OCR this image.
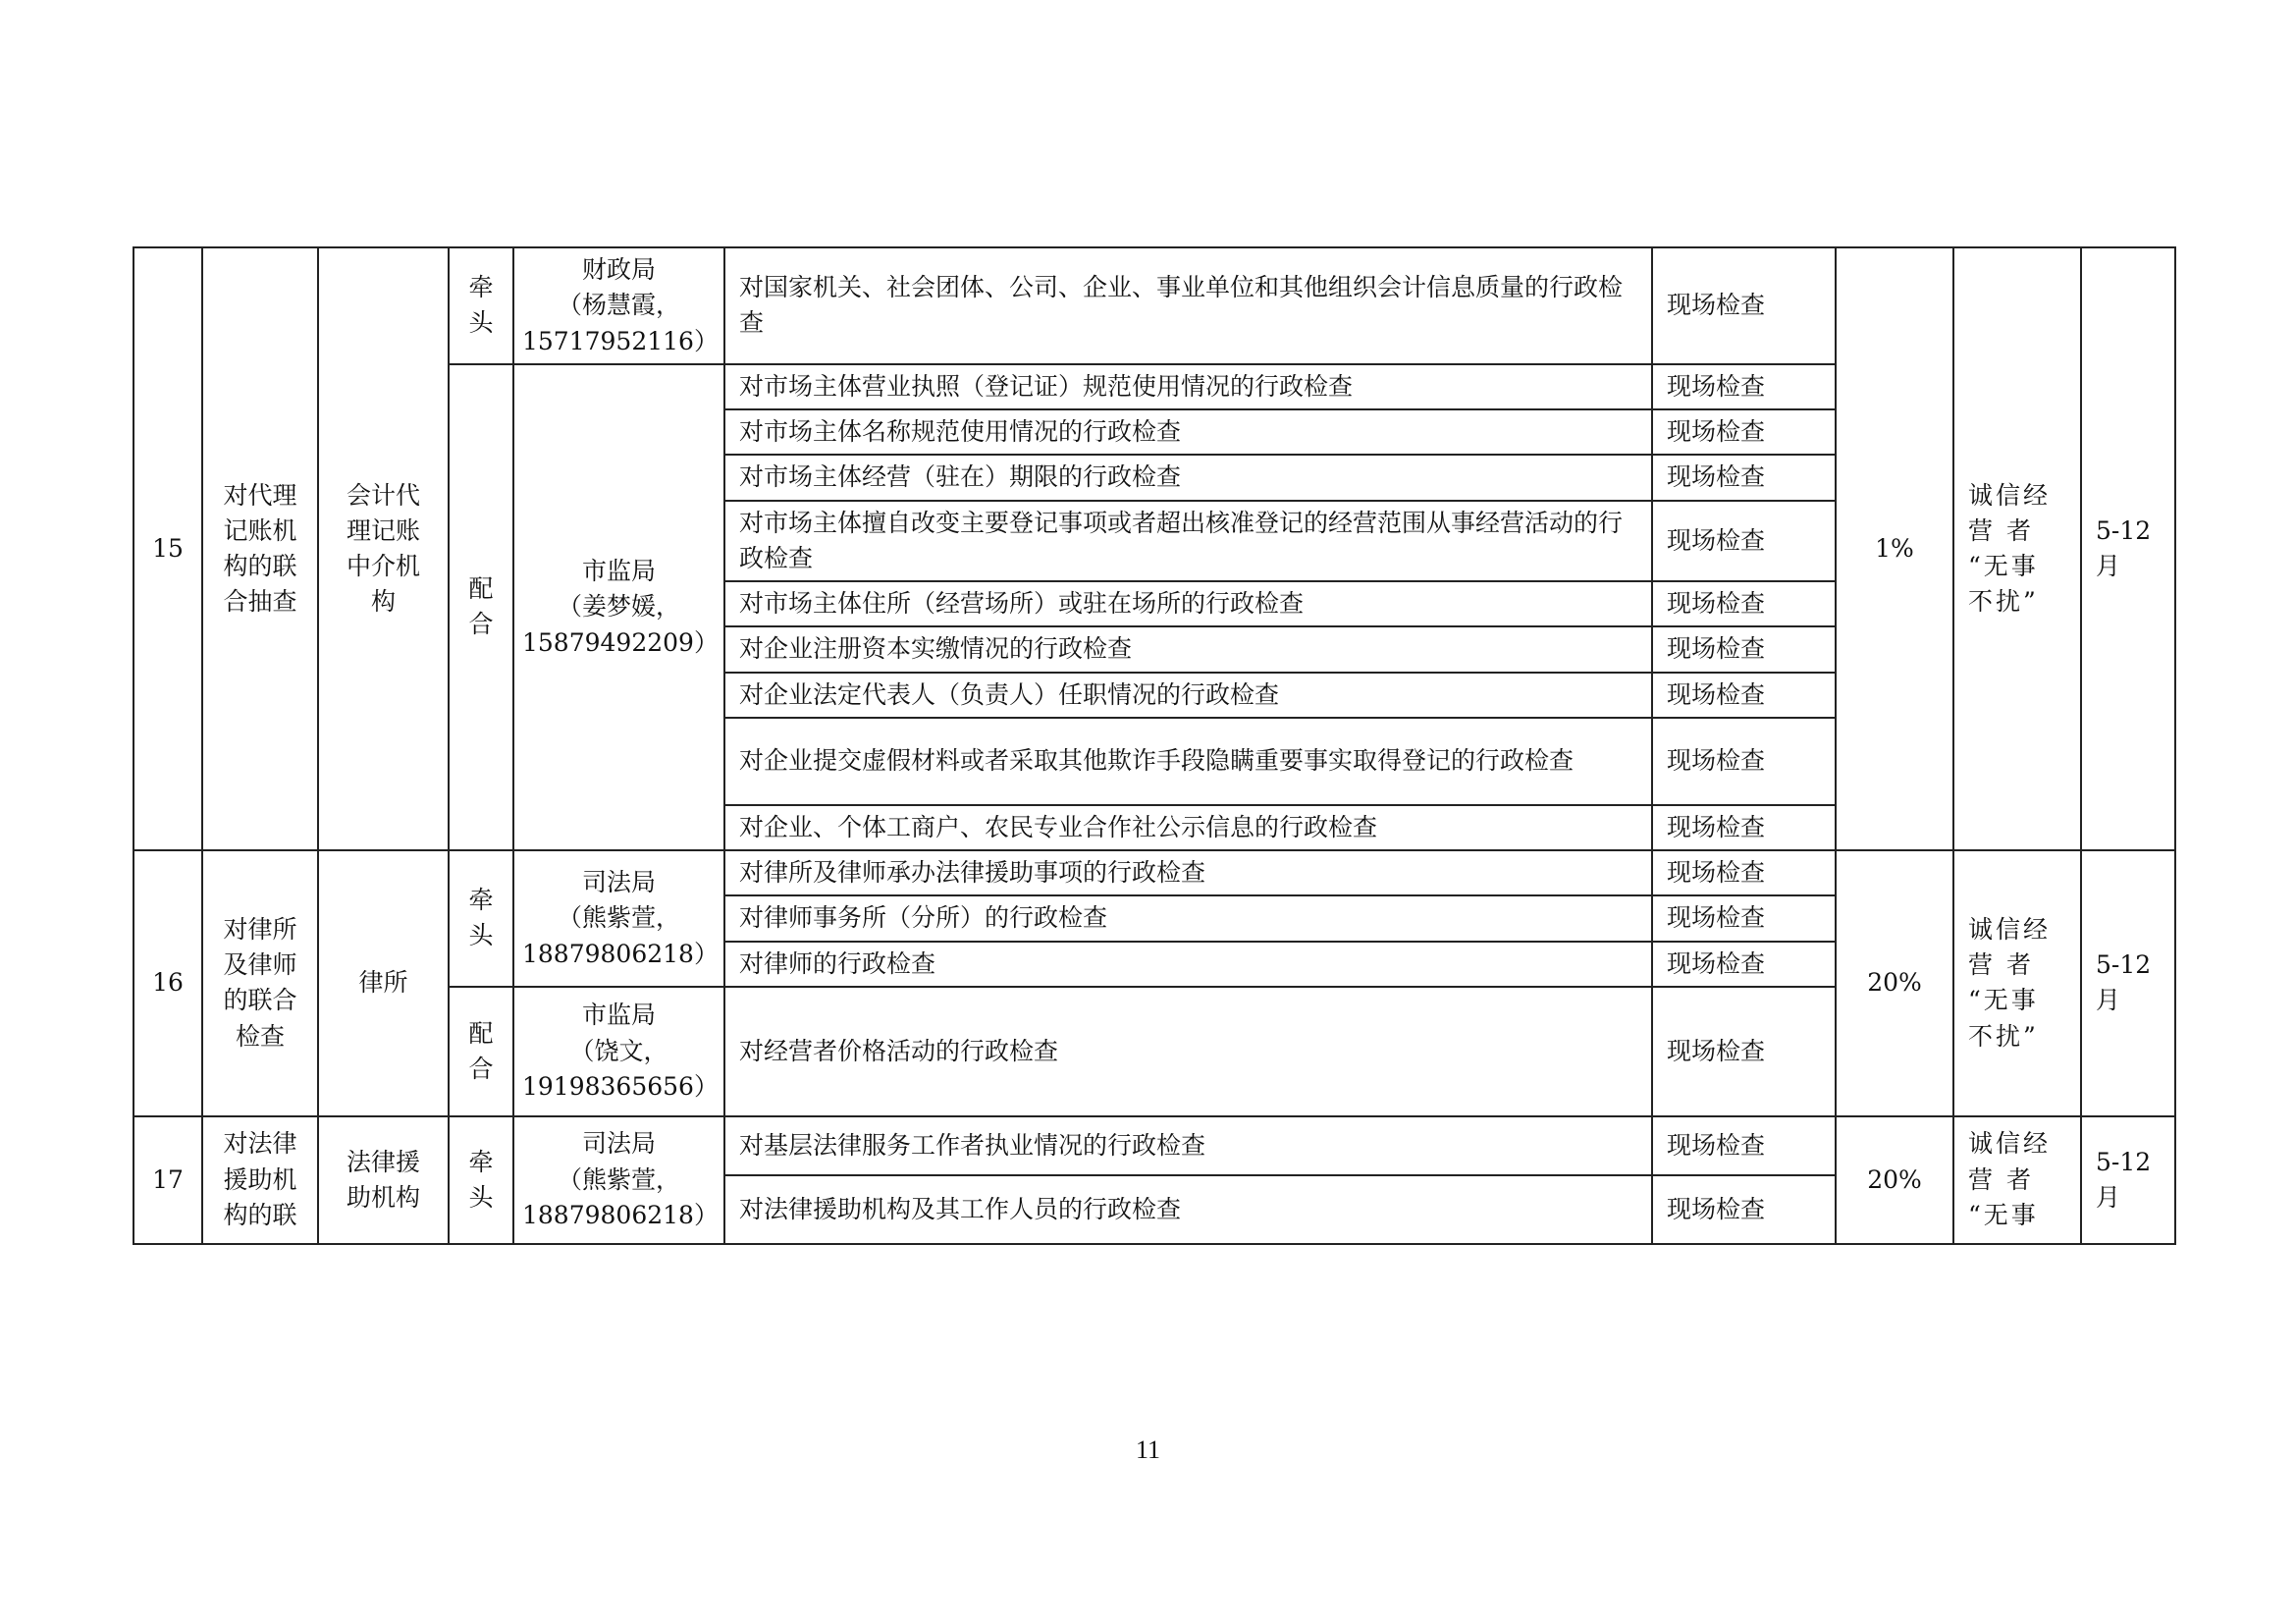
15	对代理
记账机
构的联
合抽查	会计代
理记账
中介机
构	牵
头	财政局
（杨慧霞，
15717952116）	对国家机关、社会团体、公司、企业、事业单位和其他组织会计信息质量的行政检查	现场检查	1%	诚信经
营 者
“无事
不扰”	5-12
月
			配
合	市监局
（姜梦媛，
15879492209）	对市场主体营业执照（登记证）规范使用情况的行政检查	现场检查			
					对市场主体名称规范使用情况的行政检查	现场检查			
					对市场主体经营（驻在）期限的行政检查	现场检查			
					对市场主体擅自改变主要登记事项或者超出核准登记的经营范围从事经营活动的行政检查	现场检查			
					对市场主体住所（经营场所）或驻在场所的行政检查	现场检查			
					对企业注册资本实缴情况的行政检查	现场检查			
					对企业法定代表人（负责人）任职情况的行政检查	现场检查			
					对企业提交虚假材料或者采取其他欺诈手段隐瞒重要事实取得登记的行政检查	现场检查			
					对企业、个体工商户、农民专业合作社公示信息的行政检查	现场检查			
16	对律所
及律师
的联合
检查	律所	牵
头	司法局
（熊紫萱，
18879806218）	对律所及律师承办法律援助事项的行政检查	现场检查	20%	诚信经
营 者
“无事
不扰”	5-12
月
					对律师事务所（分所）的行政检查	现场检查			
					对律师的行政检查	现场检查			
			配
合	市监局
（饶文，
19198365656）	对经营者价格活动的行政检查	现场检查			
17	对法律
援助机
构的联	法律援
助机构	牵
头	司法局
（熊紫萱，
18879806218）	对基层法律服务工作者执业情况的行政检查	现场检查	20%	诚信经
营 者
“无事	5-12
月
					对法律援助机构及其工作人员的行政检查	现场检查			
11
